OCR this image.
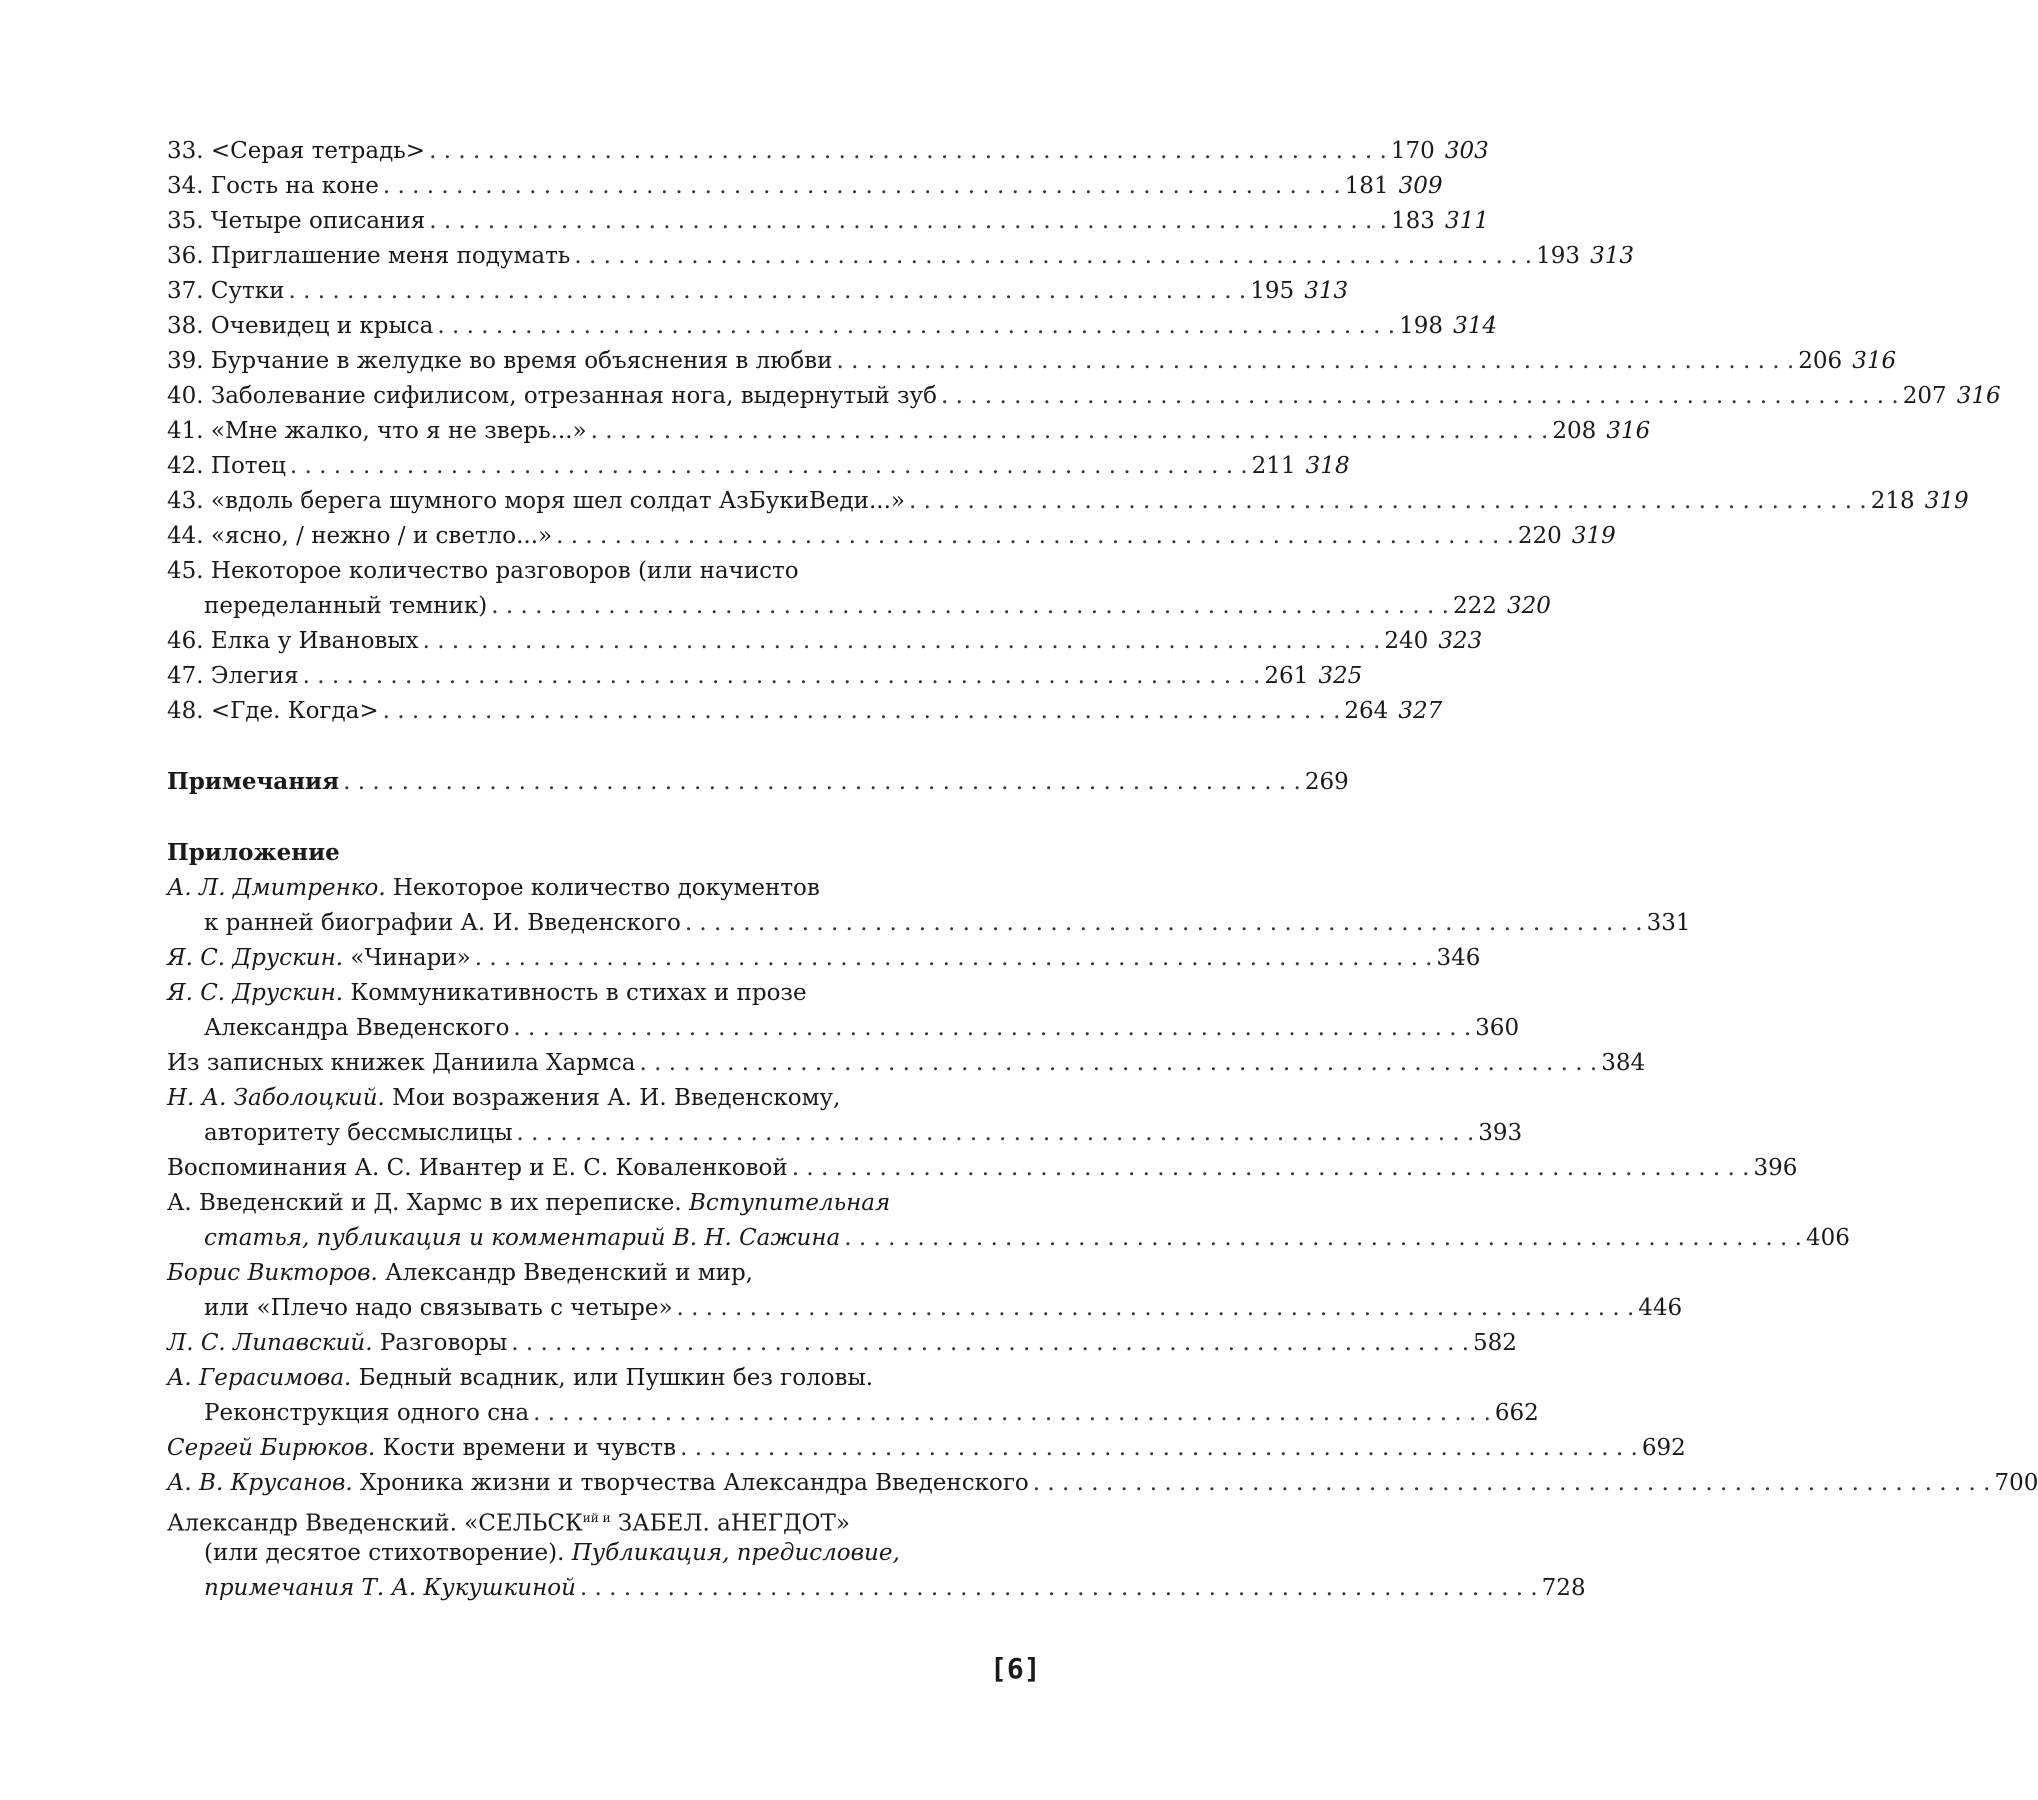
33. <Серая тетрадь>
. . .	170 303
34. Гость на коне
. . .	181 309
35. Четыре описания
. . .	183 311
36. Приглашение меня подумать
. . .	193 313
37. Сутки
. . .	195 313
38. Очевидец и крыса
. . .	198 314
39. Бурчание в желудке во время объяснения в любви
. . .	206 316
40. Заболевание сифилисом, отрезанная нога, выдернутый зуб
. . .	207 316
41. «Мне жалко, что я не зверь...»
. . .	208 316
42. Потец
. . .	211 318
43. «вдоль берега шумного моря шел солдат АзБукиВеди...»
. . .	218 319
44. «ясно, / нежно / и светло...»
. . .	220 319
45. Некоторое количество разговоров (или начисто
переделанный темник)
. . .	222 320
46. Елка у Ивановых
. . .	240 323
47. Элегия
. . .	261 325
48. <Где. Когда>
. . .	264 327
Примечания
. . .	269
Приложение
А. Л. Дмитренко. Некоторое количество документов
к ранней биографии А. И. Введенского
. . .	331
Я. С. Друскин. «Чинари»
. . .	346
Я. С. Друскин. Коммуникативность в стихах и прозе
Александра Введенского
. . .	360
Из записных книжек Даниила Хармса
. . .	384
Н. А. Заболоцкий. Мои возражения А. И. Введенскому,
авторитету бессмыслицы
. . .	393
Воспоминания А. С. Ивантер и Е. С. Коваленковой
. . .	396
А. Введенский и Д. Хармс в их переписке. Вступительная
статья, публикация и комментарий В. Н. Сажина
. . .	406
Борис Викторов. Александр Введенский и мир,
или «Плечо надо связывать с четыре»
. . .	446
Л. С. Липавский. Разговоры
. . .	582
А. Герасимова. Бедный всадник, или Пушкин без головы.
Реконструкция одного сна
. . .	662
Сергей Бирюков. Кости времени и чувств
. . .	692
А. В. Крусанов. Хроника жизни и творчества Александра Введенского
. . .	700
Александр Введенский. «СЕЛЬСКий и ЗАБЕЛ. аНЕГДОТ»
(или десятое стихотворение). Публикация, предисловие,
примечания Т. А. Кукушкиной
. . .	728
[6]
